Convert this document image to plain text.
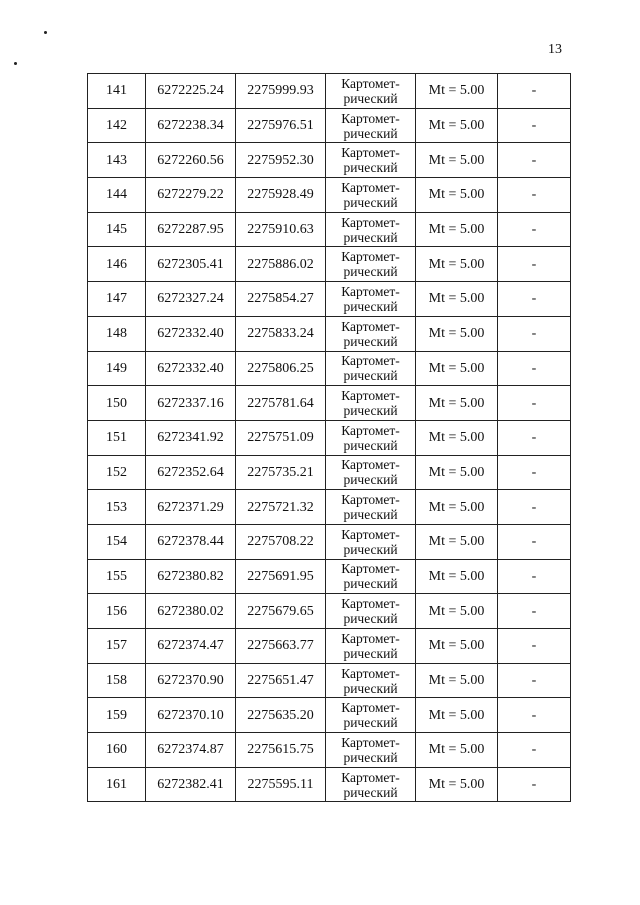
13
141	6272225.24	2275999.93	Картомет-
рический	Mt = 5.00	-
142	6272238.34	2275976.51	Картомет-
рический	Mt = 5.00	-
143	6272260.56	2275952.30	Картомет-
рический	Mt = 5.00	-
144	6272279.22	2275928.49	Картомет-
рический	Mt = 5.00	-
145	6272287.95	2275910.63	Картомет-
рический	Mt = 5.00	-
146	6272305.41	2275886.02	Картомет-
рический	Mt = 5.00	-
147	6272327.24	2275854.27	Картомет-
рический	Mt = 5.00	-
148	6272332.40	2275833.24	Картомет-
рический	Mt = 5.00	-
149	6272332.40	2275806.25	Картомет-
рический	Mt = 5.00	-
150	6272337.16	2275781.64	Картомет-
рический	Mt = 5.00	-
151	6272341.92	2275751.09	Картомет-
рический	Mt = 5.00	-
152	6272352.64	2275735.21	Картомет-
рический	Mt = 5.00	-
153	6272371.29	2275721.32	Картомет-
рический	Mt = 5.00	-
154	6272378.44	2275708.22	Картомет-
рический	Mt = 5.00	-
155	6272380.82	2275691.95	Картомет-
рический	Mt = 5.00	-
156	6272380.02	2275679.65	Картомет-
рический	Mt = 5.00	-
157	6272374.47	2275663.77	Картомет-
рический	Mt = 5.00	-
158	6272370.90	2275651.47	Картомет-
рический	Mt = 5.00	-
159	6272370.10	2275635.20	Картомет-
рический	Mt = 5.00	-
160	6272374.87	2275615.75	Картомет-
рический	Mt = 5.00	-
161	6272382.41	2275595.11	Картомет-
рический	Mt = 5.00	-
